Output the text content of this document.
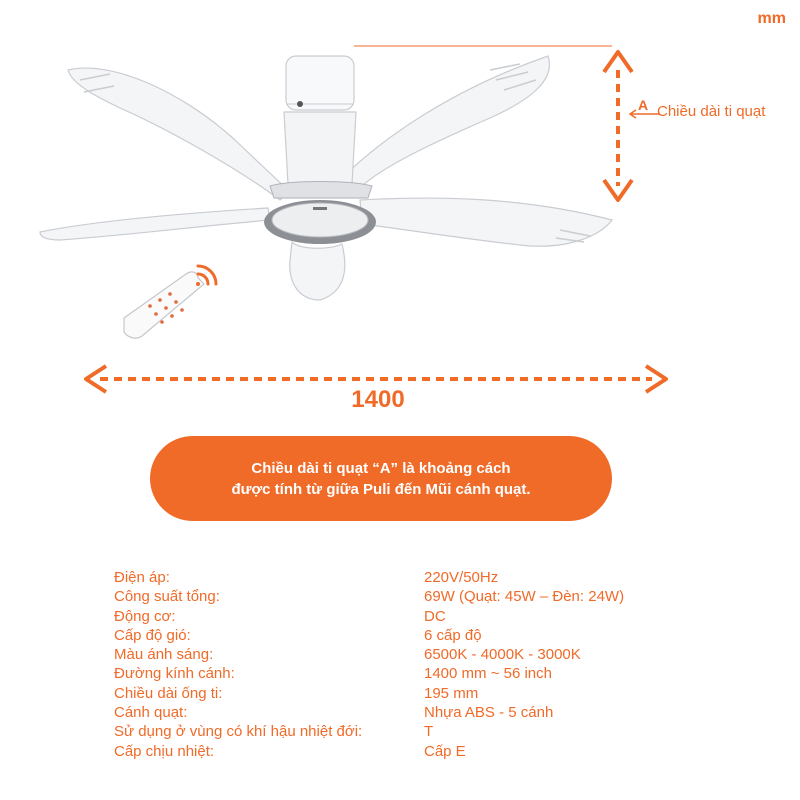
mm
A Chiều dài ti quạt
1400
Chiều dài ti quạt “A” là khoảng cách
được tính từ giữa Puli đến Mũi cánh quạt.
Điện áp:	220V/50Hz
Công suất tổng:	69W (Quạt: 45W – Đèn: 24W)
Động cơ:	DC
Cấp độ gió:	6 cấp độ
Màu ánh sáng:	6500K - 4000K - 3000K
Đường kính cánh:	1400 mm ~ 56 inch
Chiều dài ống ti:	195 mm
Cánh quạt:	Nhựa ABS - 5 cánh
Sử dụng ở vùng có khí hậu nhiệt đới:	T
Cấp chịu nhiệt:	Cấp E
